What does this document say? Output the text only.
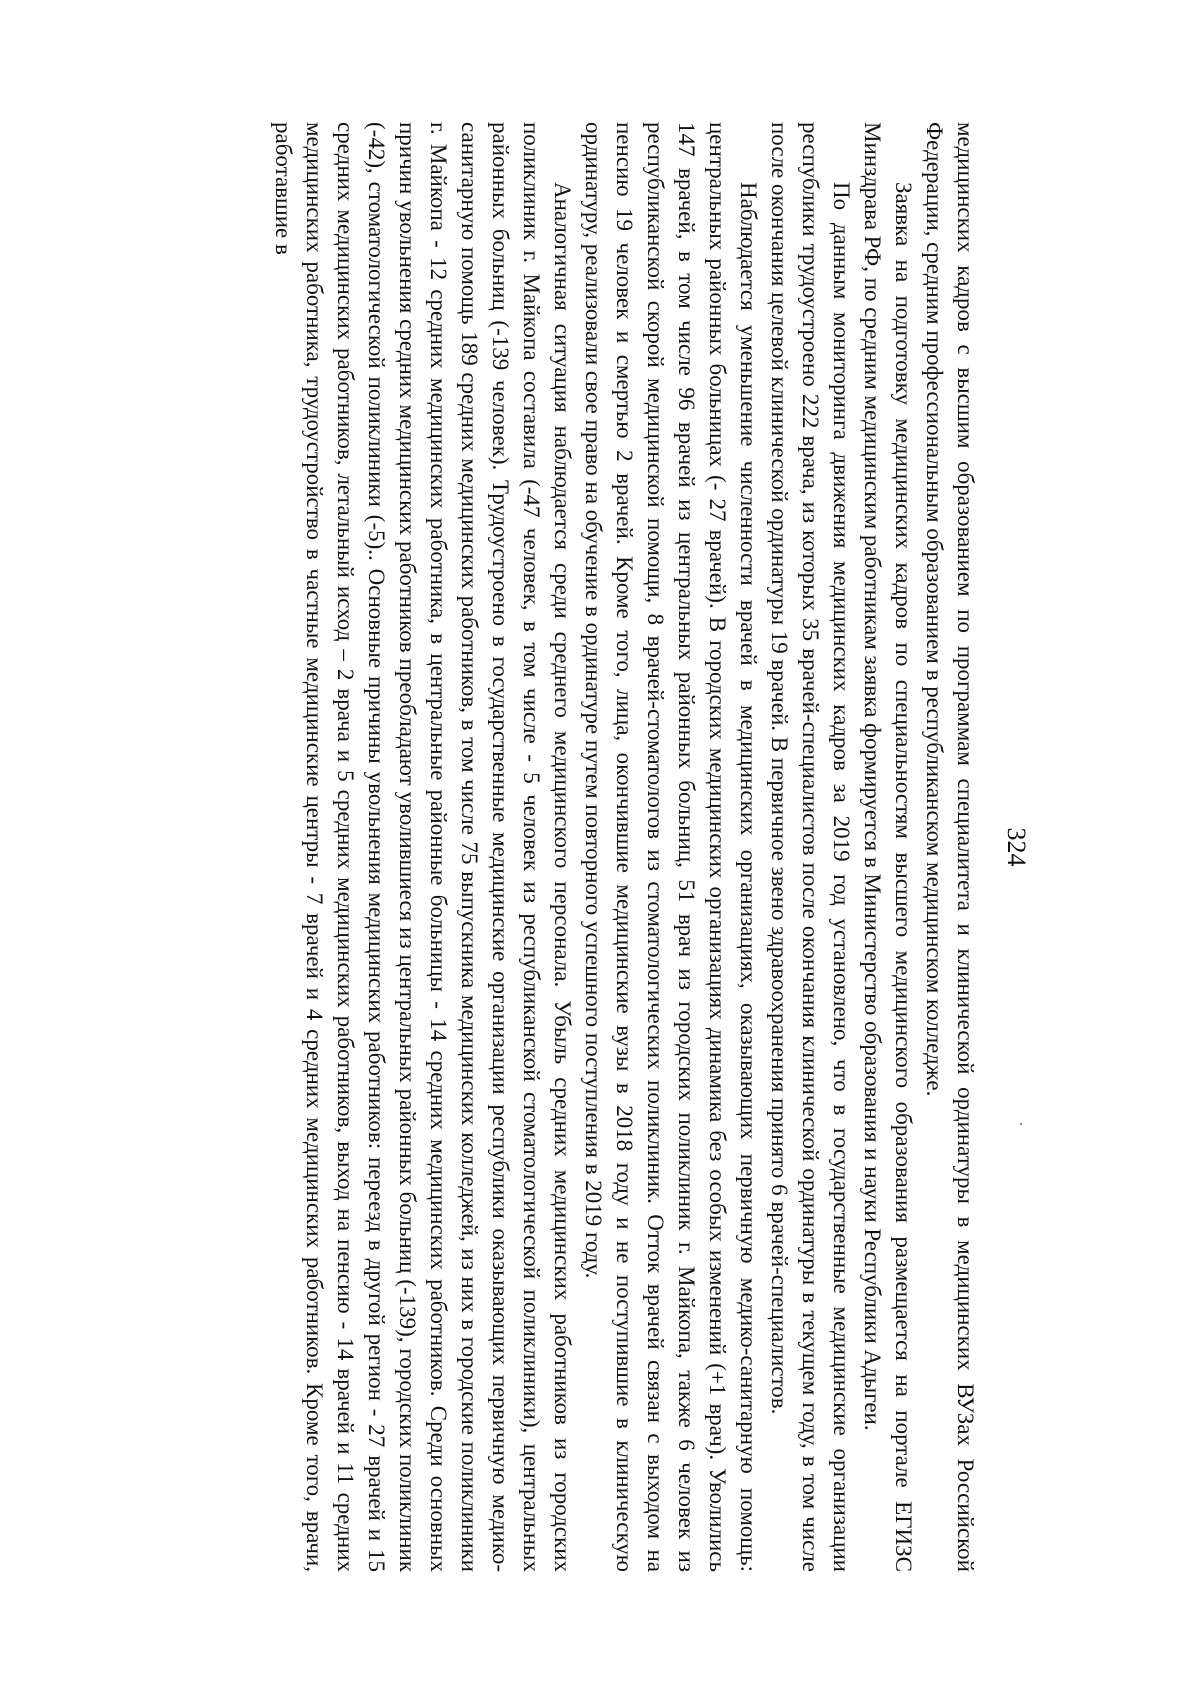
324

медицинских кадров с высшим образованием по программам специалитета и клинической ординатуры в медицинских ВУЗах Российской Федерации, средним профессиональным образованием в республиканском медицинском колледже.

Заявка на подготовку медицинских кадров по специальностям высшего медицинского образования размещается на портале ЕГИЗС Минздрава РФ, по средним медицинским работникам заявка формируется в Министерство образования и науки Республики Адыгеи.

По данным мониторинга движения медицинских кадров за 2019 год установлено, что в государственные медицинские организации республики трудоустроено 222 врача, из которых 35 врачей-специалистов после окончания клинической ординатуры в текущем году, в том числе после окончания целевой клинической ординатуры 19 врачей. В первичное звено здравоохранения принято 6 врачей-специалистов.

Наблюдается уменьшение численности врачей в медицинских организациях, оказывающих первичную медико-санитарную помощь: центральных районных больницах (- 27 врачей). В городских медицинских организациях динамика без особых изменений (+1 врач). Уволились 147 врачей, в том числе 96 врачей из центральных районных больниц, 51 врач из городских поликлиник г. Майкопа, также 6 человек из республиканской скорой медицинской помощи, 8 врачей-стоматологов из стоматологических поликлиник. Отток врачей связан с выходом на пенсию 19 человек и смертью 2 врачей. Кроме того, лица, окончившие медицинские вузы в 2018 году и не поступившие в клиническую ординатуру, реализовали свое право на обучение в ординатуре путем повторного успешного поступления в 2019 году.

Аналогичная ситуация наблюдается среди среднего медицинского персонала. Убыль средних медицинских работников из городских поликлиник г. Майкопа составила (-47 человек, в том числе - 5 человек из республиканской стоматологической поликлиники), центральных районных больниц (-139 человек). Трудоустроено в государственные медицинские организации республики оказывающих первичную медико-санитарную помощь 189 средних медицинских работников, в том числе 75 выпускника медицинских колледжей, из них в городские поликлиники г. Майкопа - 12 средних медицинских работника, в центральные районные больницы - 14 средних медицинских работников. Среди основных причин увольнения средних медицинских работников преобладают уволившиеся из центральных районных больниц (-139), городских поликлиник (-42), стоматологической поликлиники (-5).. Основные причины увольнения медицинских работников: переезд в другой регион - 27 врачей и 15 средних медицинских работников, летальный исход – 2 врача и 5 средних медицинских работников, выход на пенсию - 14 врачей и 11 средних медицинских работника, трудоустройство в частные медицинские центры - 7 врачей и 4 средних медицинских работников. Кроме того, врачи, работавшие в
